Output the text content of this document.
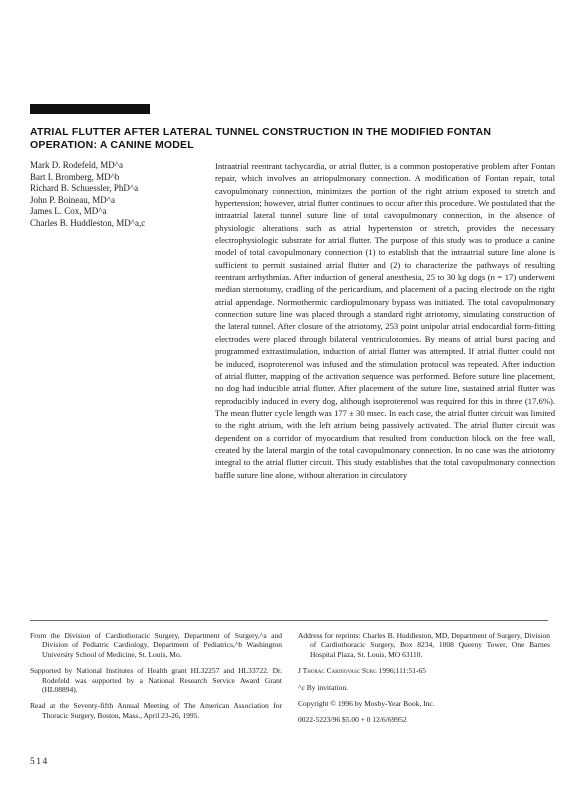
ATRIAL FLUTTER AFTER LATERAL TUNNEL CONSTRUCTION IN THE MODIFIED FONTAN OPERATION: A CANINE MODEL
Mark D. Rodefeld, MD^a
Bart I. Bromberg, MD^b
Richard B. Schuessler, PhD^a
John P. Boineau, MD^a
James L. Cox, MD^a
Charles B. Huddleston, MD^a,c

Intraatrial reentrant tachycardia, or atrial flutter, is a common postoperative problem after Fontan repair, which involves an atriopulmonary connection. A modification of Fontan repair, total cavopulmonary connection, minimizes the portion of the right atrium exposed to stretch and hypertension; however, atrial flutter continues to occur after this procedure. We postulated that the intraatrial lateral tunnel suture line of total cavopulmonary connection, in the absence of physiologic alterations such as atrial hypertension or stretch, provides the necessary electrophysiologic substrate for atrial flutter. The purpose of this study was to produce a canine model of total cavopulmonary connection (1) to establish that the intraatrial suture line alone is sufficient to permit sustained atrial flutter and (2) to characterize the pathways of resulting reentrant arrhythmias. After induction of general anesthesia, 25 to 30 kg dogs (n = 17) underwent median sternotomy, cradling of the pericardium, and placement of a pacing electrode on the right atrial appendage. Normothermic cardiopulmonary bypass was initiated. The total cavopulmonary connection suture line was placed through a standard right atriotomy, simulating construction of the lateral tunnel. After closure of the atriotomy, 253 point unipolar atrial endocardial form-fitting electrodes were placed through bilateral ventriculotomies. By means of atrial burst pacing and programmed extrastimulation, induction of atrial flutter was attempted. If atrial flutter could not be induced, isoproterenol was infused and the stimulation protocol was repeated. After induction of atrial flutter, mapping of the activation sequence was performed. Before suture line placement, no dog had inducible atrial flutter. After placement of the suture line, sustained atrial flutter was reproducibly induced in every dog, although isoproterenol was required for this in three (17.6%). The mean flutter cycle length was 177 ± 30 msec. In each case, the atrial flutter circuit was limited to the right atrium, with the left atrium being passively activated. The atrial flutter circuit was dependent on a corridor of myocardium that resulted from conduction block on the free wall, created by the lateral margin of the total cavopulmonary connection. In no case was the atriotomy integral to the atrial flutter circuit. This study establishes that the total cavopulmonary connection baffle suture line alone, without alteration in circulatory

From the Division of Cardiothoracic Surgery, Department of Surgery,^a and Division of Pediatric Cardiology, Department of Pediatrics,^b Washington University School of Medicine, St. Louis, Mo.

Supported by National Institutes of Health grant HL32257 and HL33722. Dr. Rodefeld was supported by a National Research Service Award Grant (HL08894).

Read at the Seventy-fifth Annual Meeting of The American Association for Thoracic Surgery, Boston, Mass., April 23-26, 1995.

Address for reprints: Charles B. Huddleston, MD, Department of Surgery, Division of Cardiothoracic Surgery, Box 8234, 1008 Queeny Tower, One Barnes Hospital Plaza, St. Louis, MO 63110.

J Thorac Cardiovasc Surg 1996;111:51-65

^c By invitation.

Copyright © 1996 by Mosby-Year Book, Inc.

0022-5223/96 $5.00 + 0 12/6/69952

514
